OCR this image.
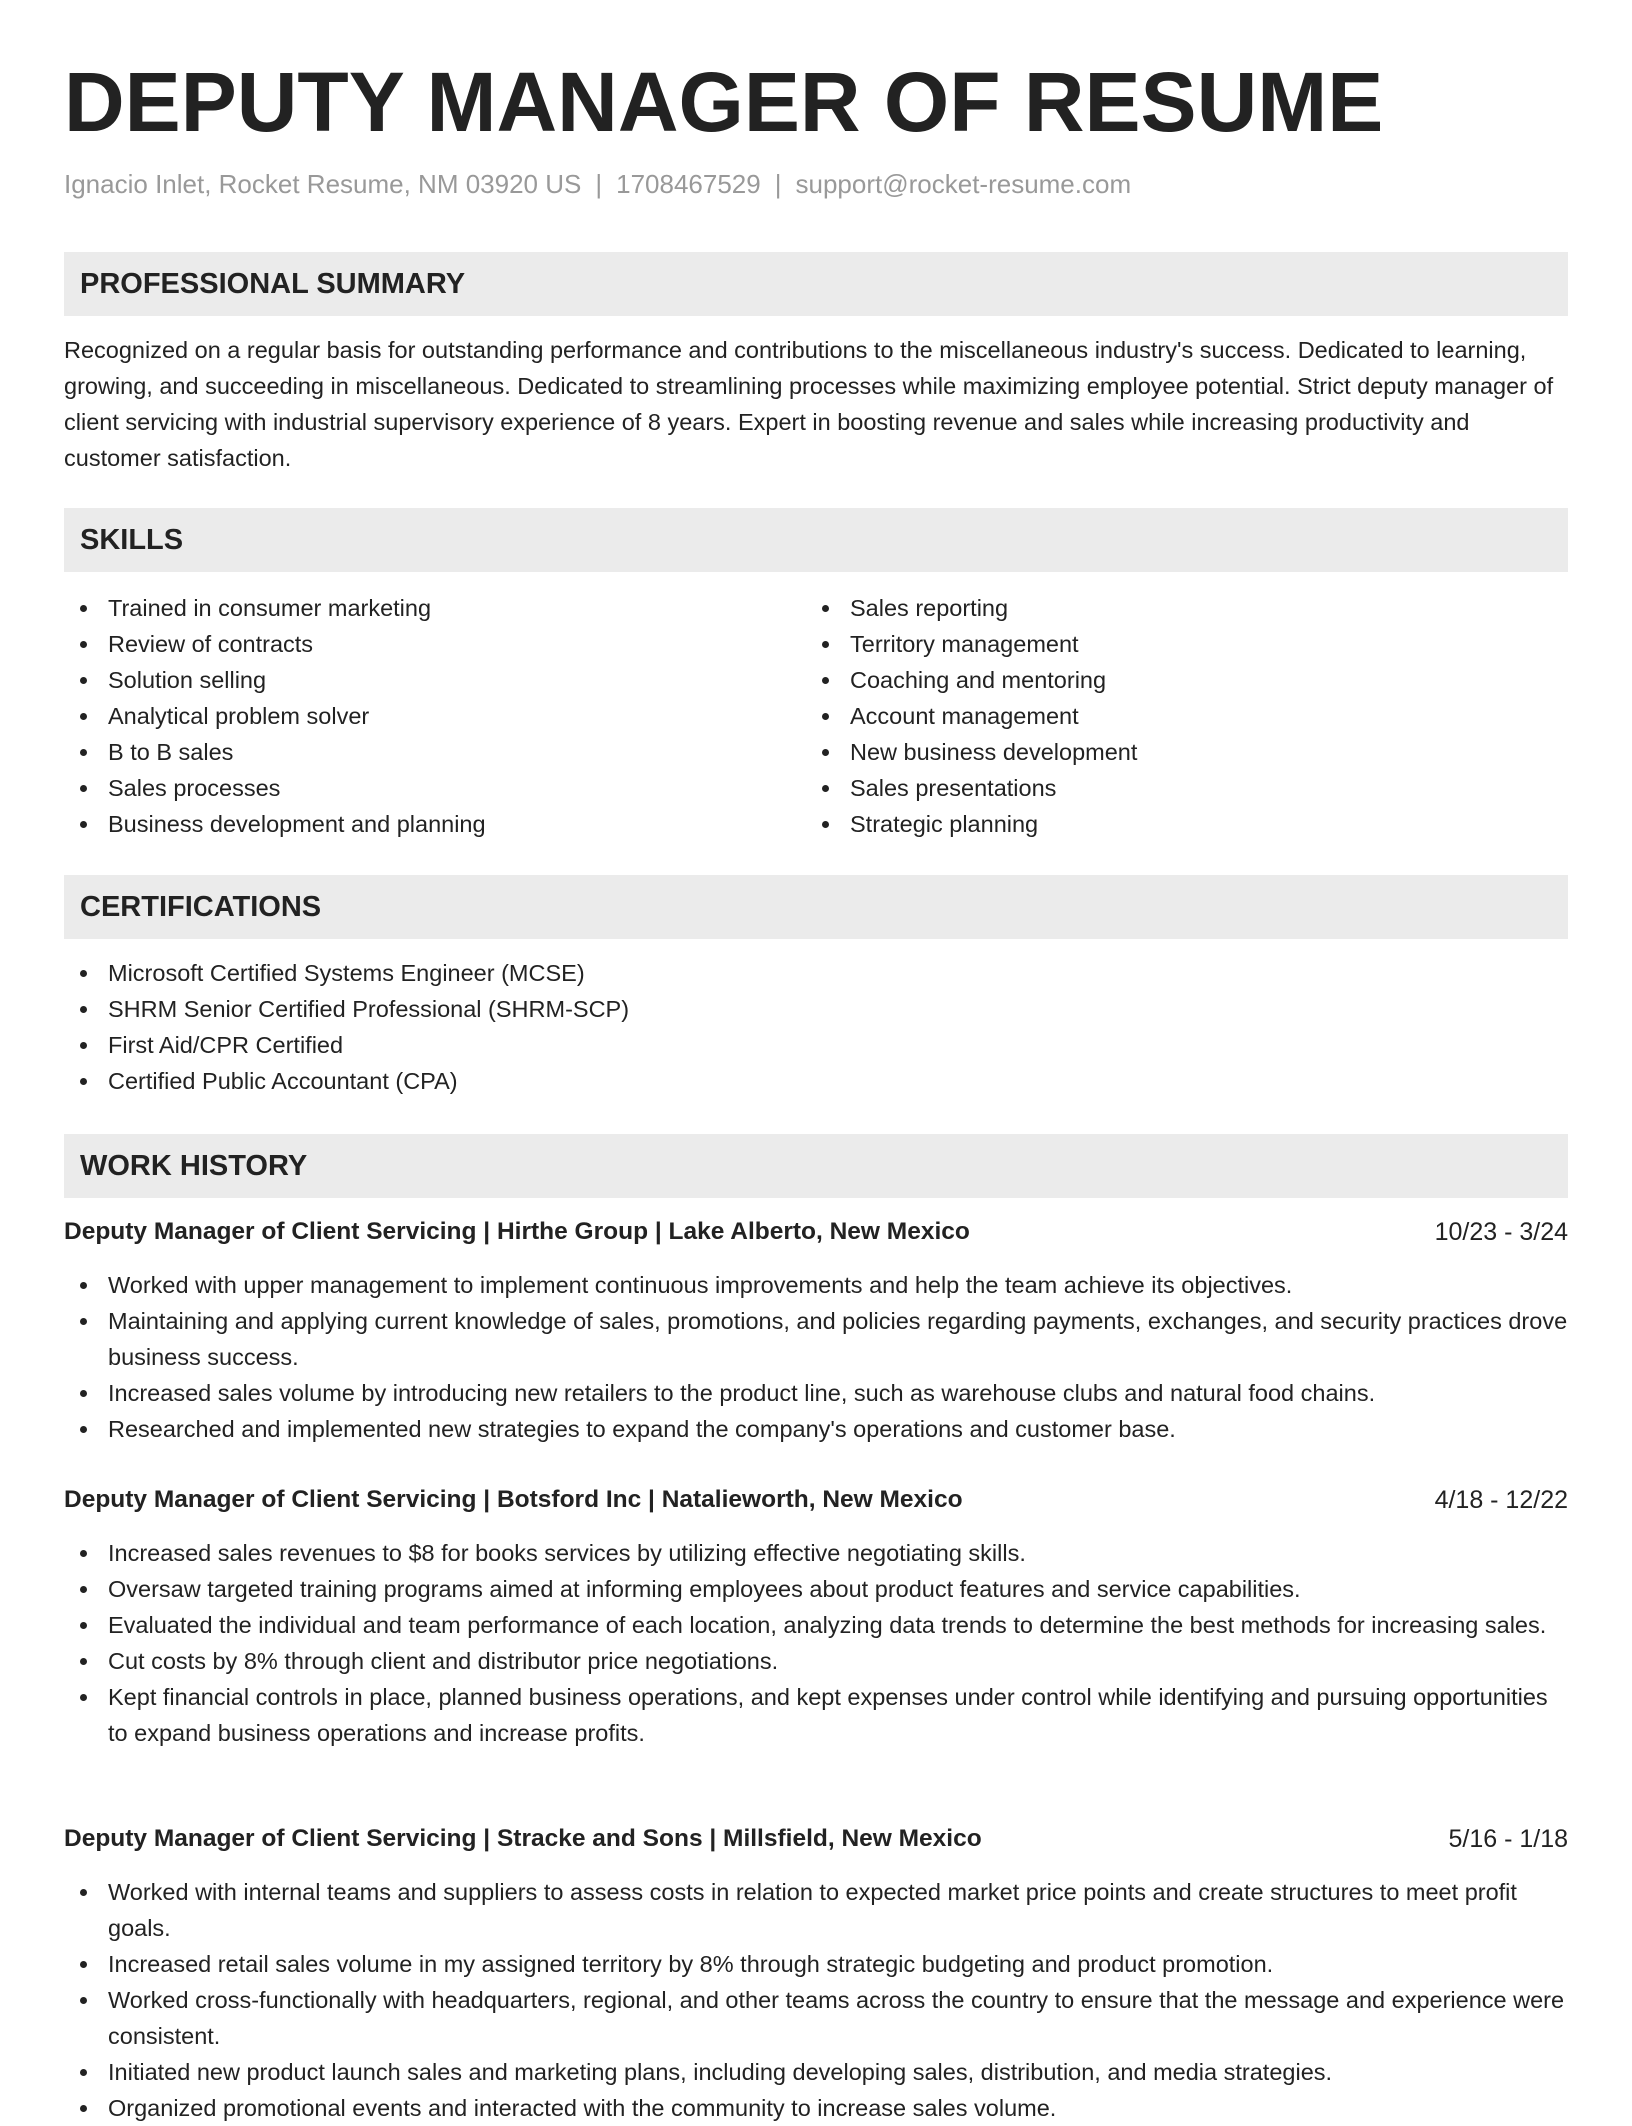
DEPUTY MANAGER OF RESUME
Ignacio Inlet, Rocket Resume, NM 03920 US | 1708467529 | support@rocket-resume.com
PROFESSIONAL SUMMARY
Recognized on a regular basis for outstanding performance and contributions to the miscellaneous industry's success. Dedicated to learning, growing, and succeeding in miscellaneous. Dedicated to streamlining processes while maximizing employee potential. Strict deputy manager of client servicing with industrial supervisory experience of 8 years. Expert in boosting revenue and sales while increasing productivity and customer satisfaction.
SKILLS
Trained in consumer marketing
Review of contracts
Solution selling
Analytical problem solver
B to B sales
Sales processes
Business development and planning
Sales reporting
Territory management
Coaching and mentoring
Account management
New business development
Sales presentations
Strategic planning
CERTIFICATIONS
Microsoft Certified Systems Engineer (MCSE)
SHRM Senior Certified Professional (SHRM-SCP)
First Aid/CPR Certified
Certified Public Accountant (CPA)
WORK HISTORY
Deputy Manager of Client Servicing | Hirthe Group | Lake Alberto, New Mexico	10/23 - 3/24
Worked with upper management to implement continuous improvements and help the team achieve its objectives.
Maintaining and applying current knowledge of sales, promotions, and policies regarding payments, exchanges, and security practices drove business success.
Increased sales volume by introducing new retailers to the product line, such as warehouse clubs and natural food chains.
Researched and implemented new strategies to expand the company's operations and customer base.
Deputy Manager of Client Servicing | Botsford Inc | Natalieworth, New Mexico	4/18 - 12/22
Increased sales revenues to $8 for books services by utilizing effective negotiating skills.
Oversaw targeted training programs aimed at informing employees about product features and service capabilities.
Evaluated the individual and team performance of each location, analyzing data trends to determine the best methods for increasing sales.
Cut costs by 8% through client and distributor price negotiations.
Kept financial controls in place, planned business operations, and kept expenses under control while identifying and pursuing opportunities to expand business operations and increase profits.
Deputy Manager of Client Servicing | Stracke and Sons | Millsfield, New Mexico	5/16 - 1/18
Worked with internal teams and suppliers to assess costs in relation to expected market price points and create structures to meet profit goals.
Increased retail sales volume in my assigned territory by 8% through strategic budgeting and product promotion.
Worked cross-functionally with headquarters, regional, and other teams across the country to ensure that the message and experience were consistent.
Initiated new product launch sales and marketing plans, including developing sales, distribution, and media strategies.
Organized promotional events and interacted with the community to increase sales volume.
